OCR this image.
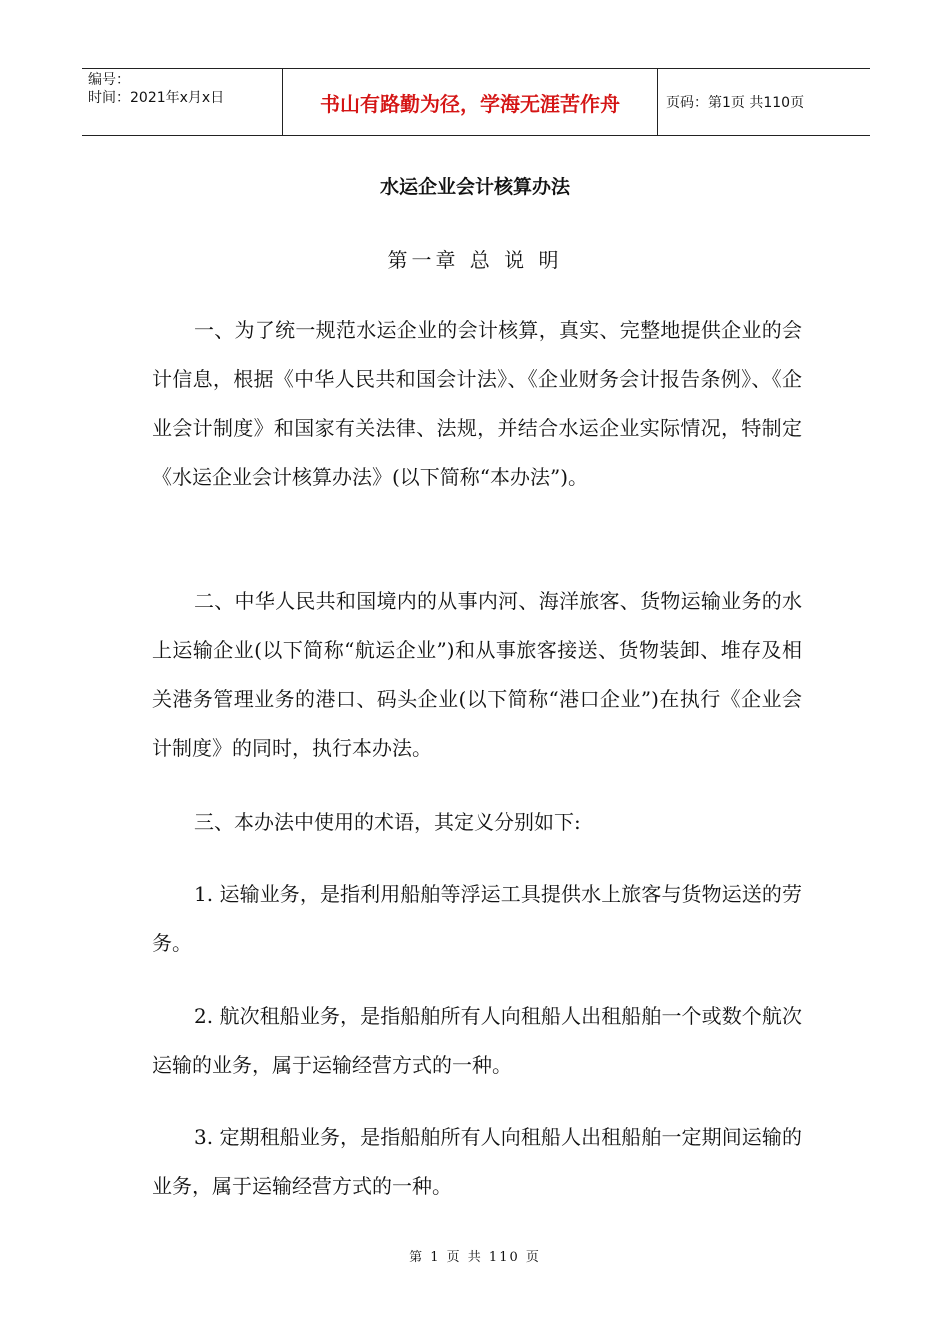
编号：
时间：2021年x月x日	书山有路勤为径，学海无涯苦作舟	页码：第1页 共110页
水运企业会计核算办法
第一章 总 说 明

一、为了统一规范水运企业的会计核算，真实、完整地提供企业的会计信息，根据《中华人民共和国会计法》、《企业财务会计报告条例》、《企业会计制度》和国家有关法律、法规，并结合水运企业实际情况，特制定《水运企业会计核算办法》(以下简称“本办法”)。

二、中华人民共和国境内的从事内河、海洋旅客、货物运输业务的水上运输企业(以下简称“航运企业”)和从事旅客接送、货物装卸、堆存及相关港务管理业务的港口、码头企业(以下简称“港口企业”)在执行《企业会计制度》的同时，执行本办法。

三、本办法中使用的术语，其定义分别如下:

1. 运输业务，是指利用船舶等浮运工具提供水上旅客与货物运送的劳务。

2. 航次租船业务，是指船舶所有人向租船人出租船舶一个或数个航次运输的业务，属于运输经营方式的一种。

3. 定期租船业务，是指船舶所有人向租船人出租船舶一定期间运输的业务，属于运输经营方式的一种。

第 1 页 共 110 页
